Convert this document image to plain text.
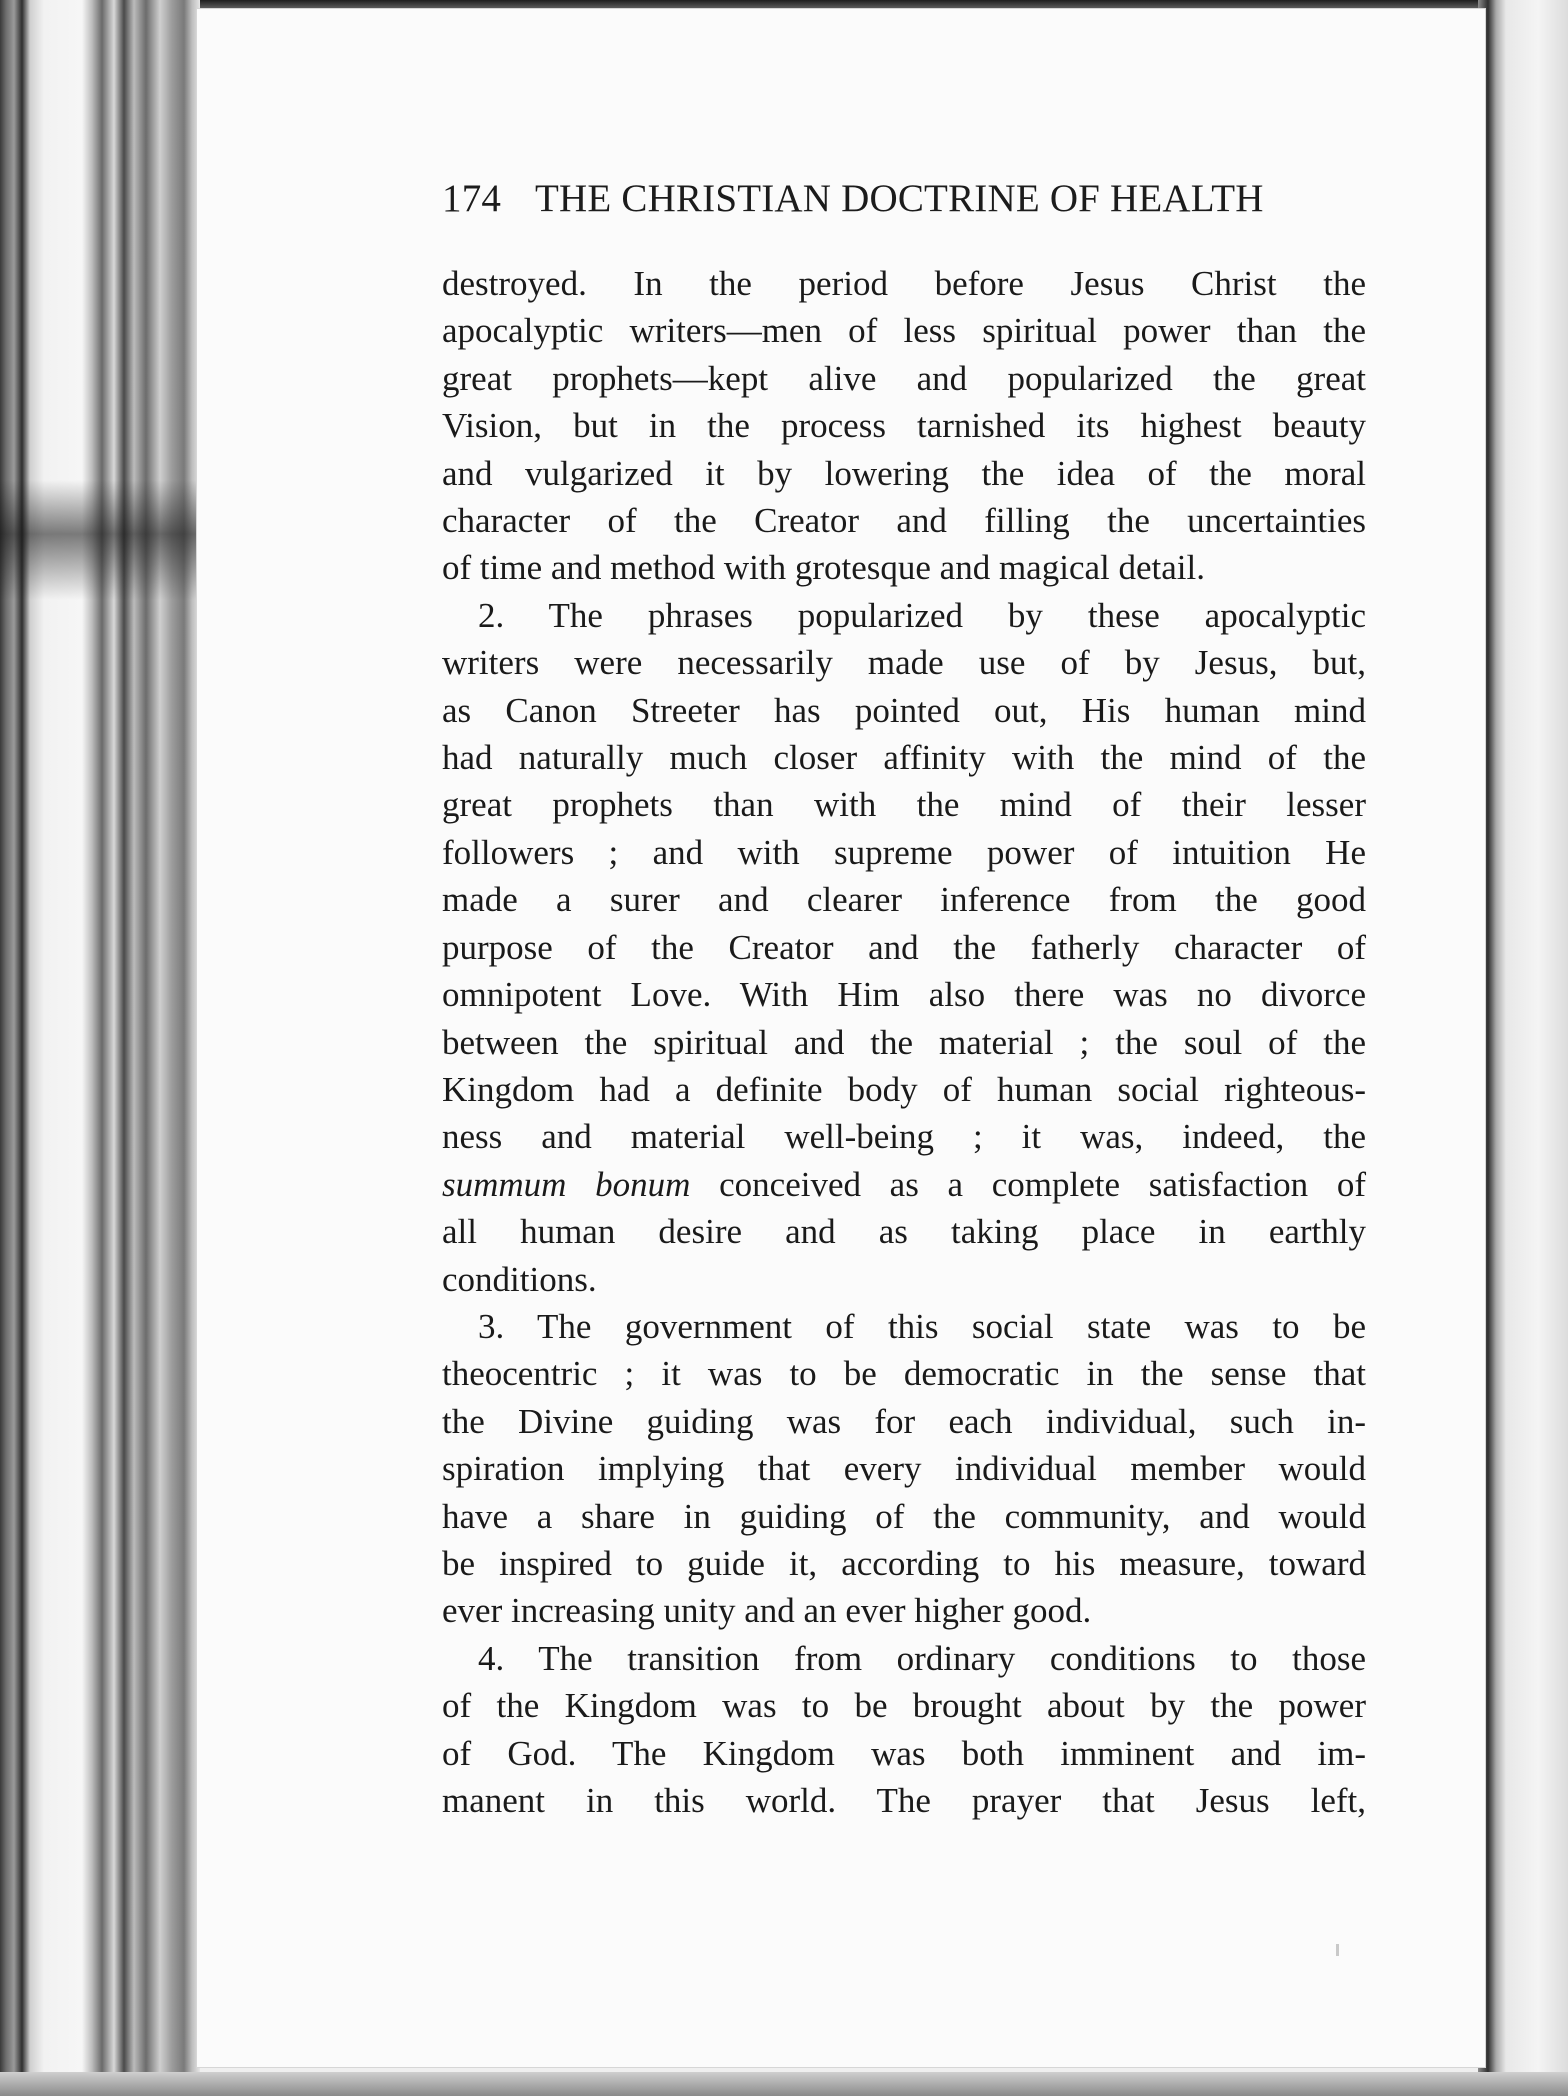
174 THE CHRISTIAN DOCTRINE OF HEALTH
destroyed. In the period before Jesus Christ the
apocalyptic writers—men of less spiritual power than the
great prophets—kept alive and popularized the great
Vision, but in the process tarnished its highest beauty
and vulgarized it by lowering the idea of the moral
character of the Creator and filling the uncertainties
of time and method with grotesque and magical detail.
2. The phrases popularized by these apocalyptic
writers were necessarily made use of by Jesus, but,
as Canon Streeter has pointed out, His human mind
had naturally much closer affinity with the mind of the
great prophets than with the mind of their lesser
followers ; and with supreme power of intuition He
made a surer and clearer inference from the good
purpose of the Creator and the fatherly character of
omnipotent Love. With Him also there was no divorce
between the spiritual and the material ; the soul of the
Kingdom had a definite body of human social righteous-
ness and material well-being ; it was, indeed, the
summum bonum conceived as a complete satisfaction of
all human desire and as taking place in earthly
conditions.
3. The government of this social state was to be
theocentric ; it was to be democratic in the sense that
the Divine guiding was for each individual, such in-
spiration implying that every individual member would
have a share in guiding of the community, and would
be inspired to guide it, according to his measure, toward
ever increasing unity and an ever higher good.
4. The transition from ordinary conditions to those
of the Kingdom was to be brought about by the power
of God. The Kingdom was both imminent and im-
manent in this world. The prayer that Jesus left,
